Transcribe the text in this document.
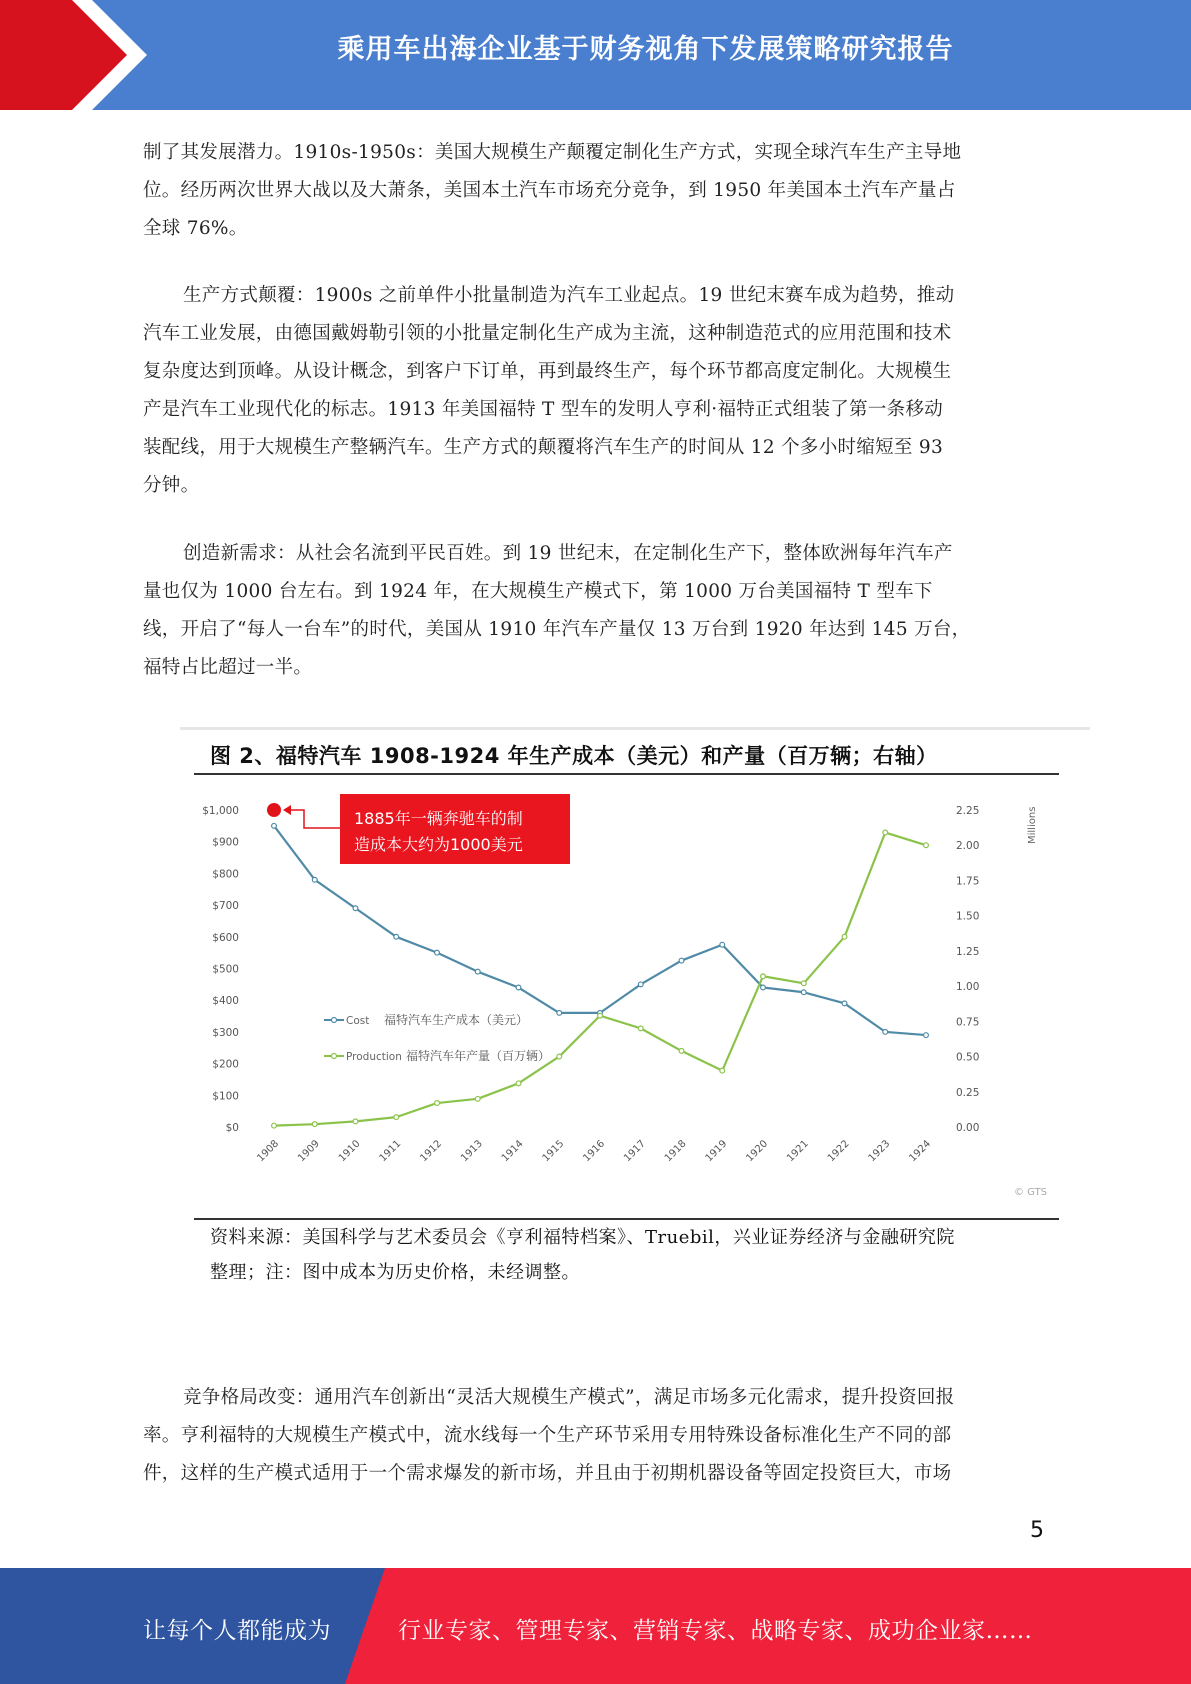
乘用车出海企业基于财务视角下发展策略研究报告

制了其发展潜力。1910s-1950s：美国大规模生产颠覆定制化生产方式，实现全球汽车生产主导地

位。经历两次世界大战以及大萧条，美国本土汽车市场充分竞争，到 1950 年美国本土汽车产量占

全球 76%。

生产方式颠覆：1900s 之前单件小批量制造为汽车工业起点。19 世纪末赛车成为趋势，推动

汽车工业发展，由德国戴姆勒引领的小批量定制化生产成为主流，这种制造范式的应用范围和技术

复杂度达到顶峰。从设计概念，到客户下订单，再到最终生产，每个环节都高度定制化。大规模生

产是汽车工业现代化的标志。1913 年美国福特 T 型车的发明人亨利·福特正式组装了第一条移动

装配线，用于大规模生产整辆汽车。生产方式的颠覆将汽车生产的时间从 12 个多小时缩短至 93

分钟。

创造新需求：从社会名流到平民百姓。到 19 世纪末，在定制化生产下，整体欧洲每年汽车产

量也仅为 1000 台左右。到 1924 年，在大规模生产模式下，第 1000 万台美国福特 T 型车下

线，开启了“每人一台车”的时代，美国从 1910 年汽车产量仅 13 万台到 1920 年达到 145 万台，

福特占比超过一半。

图 2、福特汽车 1908-1924 年生产成本（美元）和产量（百万辆；右轴）
$0
$100
$200
$300
$400
$500
$600
$700
$800
$900
$1,000
0.00
0.25
0.50
0.75
1.00
1.25
1.50
1.75
2.00
2.25
1908 1909 1910 1911 1912 1913 1914 1915 1916 1917 1918 1919 1920 1921 1922 1923 1924
1885年一辆奔驰车的制
造成本大约为1000美元
Cost 福特汽车生产成本（美元）
Production 福特汽车年产量（百万辆）
Millions
© GTS
资料来源：美国科学与艺术委员会《亨利福特档案》、Truebil，兴业证券经济与金融研究院
整理；注：图中成本为历史价格，未经调整。

竞争格局改变：通用汽车创新出“灵活大规模生产模式”，满足市场多元化需求，提升投资回报

率。亨利福特的大规模生产模式中，流水线每一个生产环节采用专用特殊设备标准化生产不同的部

件，这样的生产模式适用于一个需求爆发的新市场，并且由于初期机器设备等固定投资巨大，市场

5
让每个人都能成为	行业专家、管理专家、营销专家、战略专家、成功企业家……
